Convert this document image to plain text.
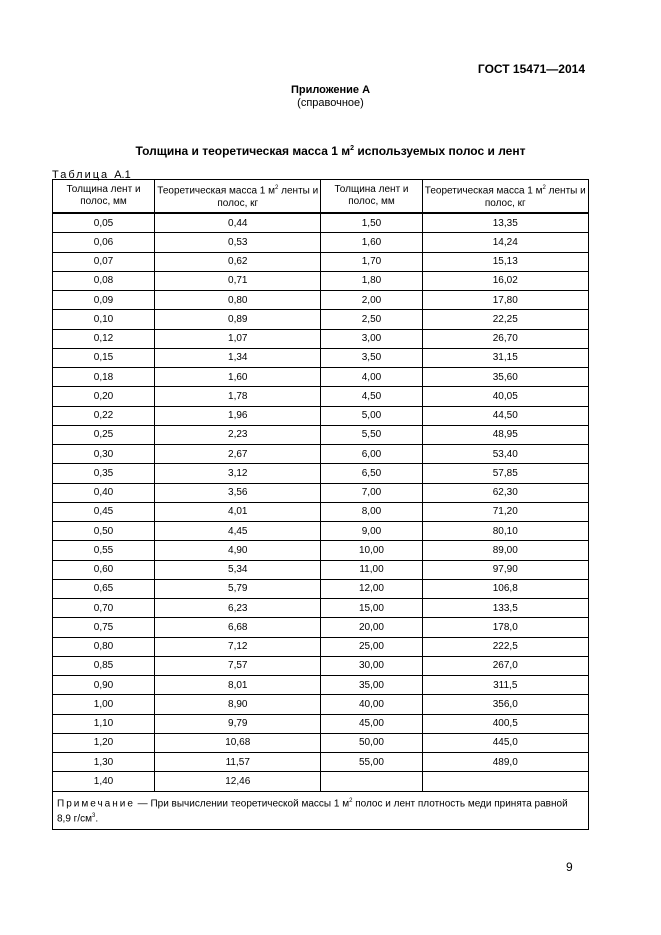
ГОСТ 15471—2014
Приложение А
(справочное)
Толщина и теоретическая масса 1 $м^2$ используемых полос и лент
Таблица А.1
Толщина лент и полос, мм	Теоретическая масса 1 $м^2$ ленты и полос, кг	Толщина лент и полос, мм	Теоретическая масса 1 $м^2$ ленты и полос, кг
0,05	0,44	1,50	13,35
0,06	0,53	1,60	14,24
0,07	0,62	1,70	15,13
0,08	0,71	1,80	16,02
0,09	0,80	2,00	17,80
0,10	0,89	2,50	22,25
0,12	1,07	3,00	26,70
0,15	1,34	3,50	31,15
0,18	1,60	4,00	35,60
0,20	1,78	4,50	40,05
0,22	1,96	5,00	44,50
0,25	2,23	5,50	48,95
0,30	2,67	6,00	53,40
0,35	3,12	6,50	57,85
0,40	3,56	7,00	62,30
0,45	4,01	8,00	71,20
0,50	4,45	9,00	80,10
0,55	4,90	10,00	89,00
0,60	5,34	11,00	97,90
0,65	5,79	12,00	106,8
0,70	6,23	15,00	133,5
0,75	6,68	20,00	178,0
0,80	7,12	25,00	222,5
0,85	7,57	30,00	267,0
0,90	8,01	35,00	311,5
1,00	8,90	40,00	356,0
1,10	9,79	45,00	400,5
1,20	10,68	50,00	445,0
1,30	11,57	55,00	489,0
1,40	12,46		
Примечание — При вычислении теоретической массы 1 $м^2$ полос и лент плотность меди принята равной 8,9 $г/см^3$.			
9
